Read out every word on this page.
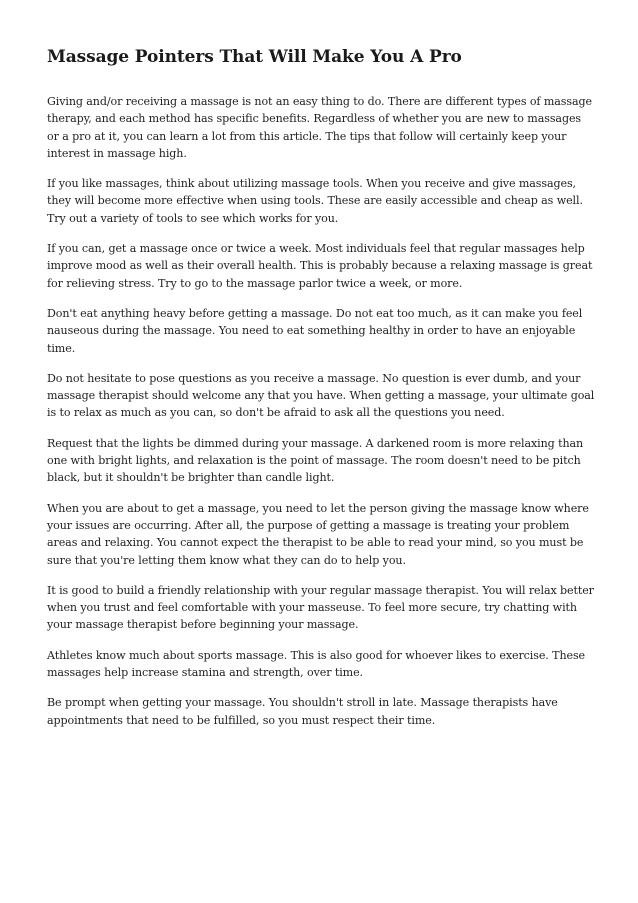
Massage Pointers That Will Make You A Pro

Giving and/or receiving a massage is not an easy thing to do. There are different types of massage therapy, and each method has specific benefits. Regardless of whether you are new to massages or a pro at it, you can learn a lot from this article. The tips that follow will certainly keep your interest in massage high.

If you like massages, think about utilizing massage tools. When you receive and give massages, they will become more effective when using tools. These are easily accessible and cheap as well. Try out a variety of tools to see which works for you.

If you can, get a massage once or twice a week. Most individuals feel that regular massages help improve mood as well as their overall health. This is probably because a relaxing massage is great for relieving stress. Try to go to the massage parlor twice a week, or more.

Don't eat anything heavy before getting a massage. Do not eat too much, as it can make you feel nauseous during the massage. You need to eat something healthy in order to have an enjoyable time.

Do not hesitate to pose questions as you receive a massage. No question is ever dumb, and your massage therapist should welcome any that you have. When getting a massage, your ultimate goal is to relax as much as you can, so don't be afraid to ask all the questions you need.

Request that the lights be dimmed during your massage. A darkened room is more relaxing than one with bright lights, and relaxation is the point of massage. The room doesn't need to be pitch black, but it shouldn't be brighter than candle light.

When you are about to get a massage, you need to let the person giving the massage know where your issues are occurring. After all, the purpose of getting a massage is treating your problem areas and relaxing. You cannot expect the therapist to be able to read your mind, so you must be sure that you're letting them know what they can do to help you.

It is good to build a friendly relationship with your regular massage therapist. You will relax better when you trust and feel comfortable with your masseuse. To feel more secure, try chatting with your massage therapist before beginning your massage.

Athletes know much about sports massage. This is also good for whoever likes to exercise. These massages help increase stamina and strength, over time.

Be prompt when getting your massage. You shouldn't stroll in late. Massage therapists have appointments that need to be fulfilled, so you must respect their time.
